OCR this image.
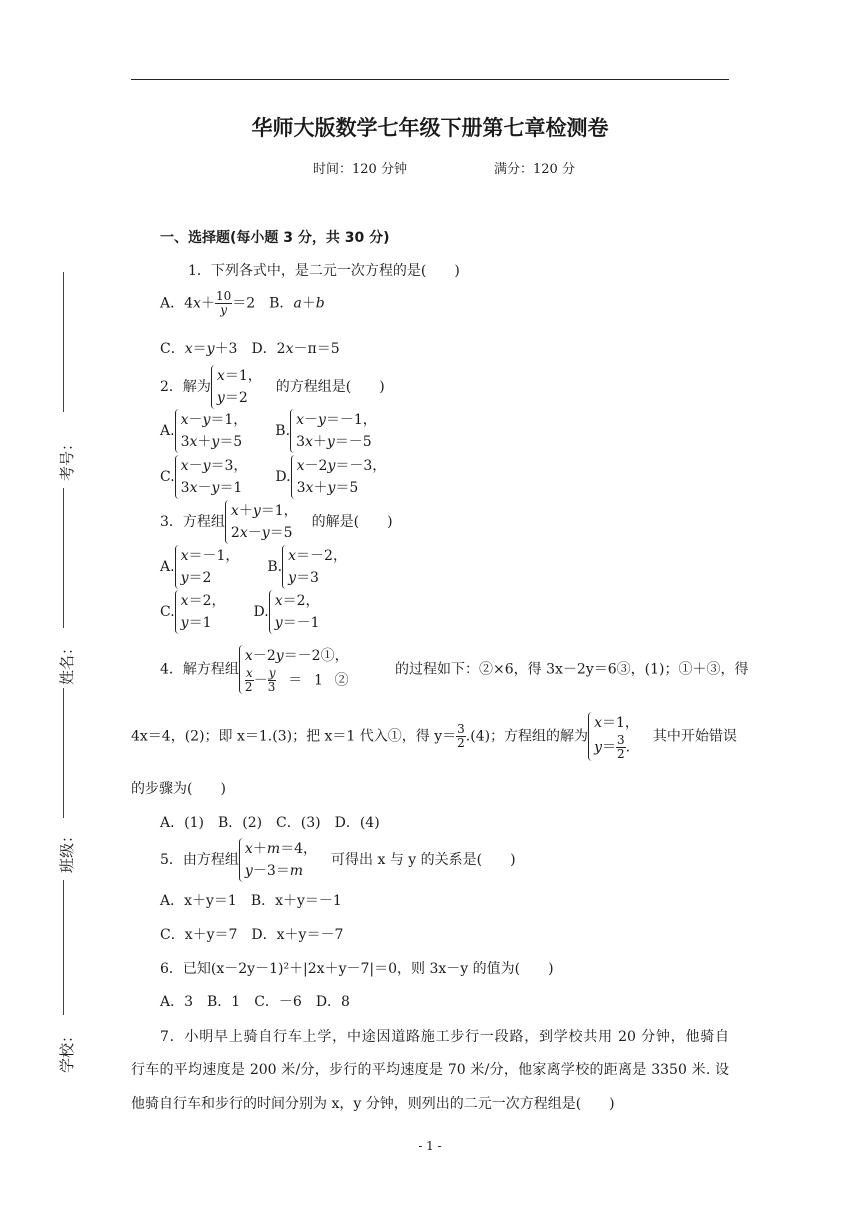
华师大版数学七年级下册第七章检测卷
时间：120 分钟	满分：120 分
考号：
姓名：
班级：
学校：
一、选择题(每小题 3 分，共 30 分)
1．下列各式中，是二元一次方程的是(　　)
A．$4x+ \frac{10}{y} =2$　 B．a＋b
C．x＝y＋3　D．2x－π＝5
2．解为
x＝1，
y＝2
　的方程组是(　　)
A.
x－y＝1，
3x＋y＝5
　　B.
x－y＝－1，
3x＋y＝－5
C.
x－y＝3，
3x－y＝1
　　D.
x－2y＝－3，
3x＋y＝5
3．方程组
x＋y＝1，
2x－y＝5
　的解是(　　)
A.
x＝－1，
y＝2
　　B.
x＝－2，
y＝3
C.
x＝2，
y＝1
　　D.
x＝2，
y＝－1
4．解方程组
x－2y＝－2①，
$\frac{x}{2} - \frac{y}{3}$ ＝1②
　　　 的过程如下：②×6，得 3x－2y＝6③，(1)；①＋③，得
4x＝4，(2)；即 x＝1.(3)；把 x＝1 代入①，得 $y= \frac{3}{2} .(4)$；方程组的解为
x＝1，
$y= \frac{3}{2}$ .
　其中开始错误
的步骤为(　　)
A．(1)　B．(2)　C．(3)　D．(4)
5．由方程组
x＋m＝4，
y－3＝m
　可得出 x 与 y 的关系是(　　)
A．x＋y＝1　B．x＋y＝－1
C．x＋y＝7　D．x＋y＝－7
6．已知(x－2y－1)²＋|2x＋y－7|＝0，则 3x－y 的值为(　　)
A．3　B．1　C．－6　D．8
7．小明早上骑自行车上学，中途因道路施工步行一段路，到学校共用 20 分钟，他骑自
行车的平均速度是 200 米/分，步行的平均速度是 70 米/分，他家离学校的距离是 3350 米. 设
他骑自行车和步行的时间分别为 x，y 分钟，则列出的二元一次方程组是(　　)
- 1 -
